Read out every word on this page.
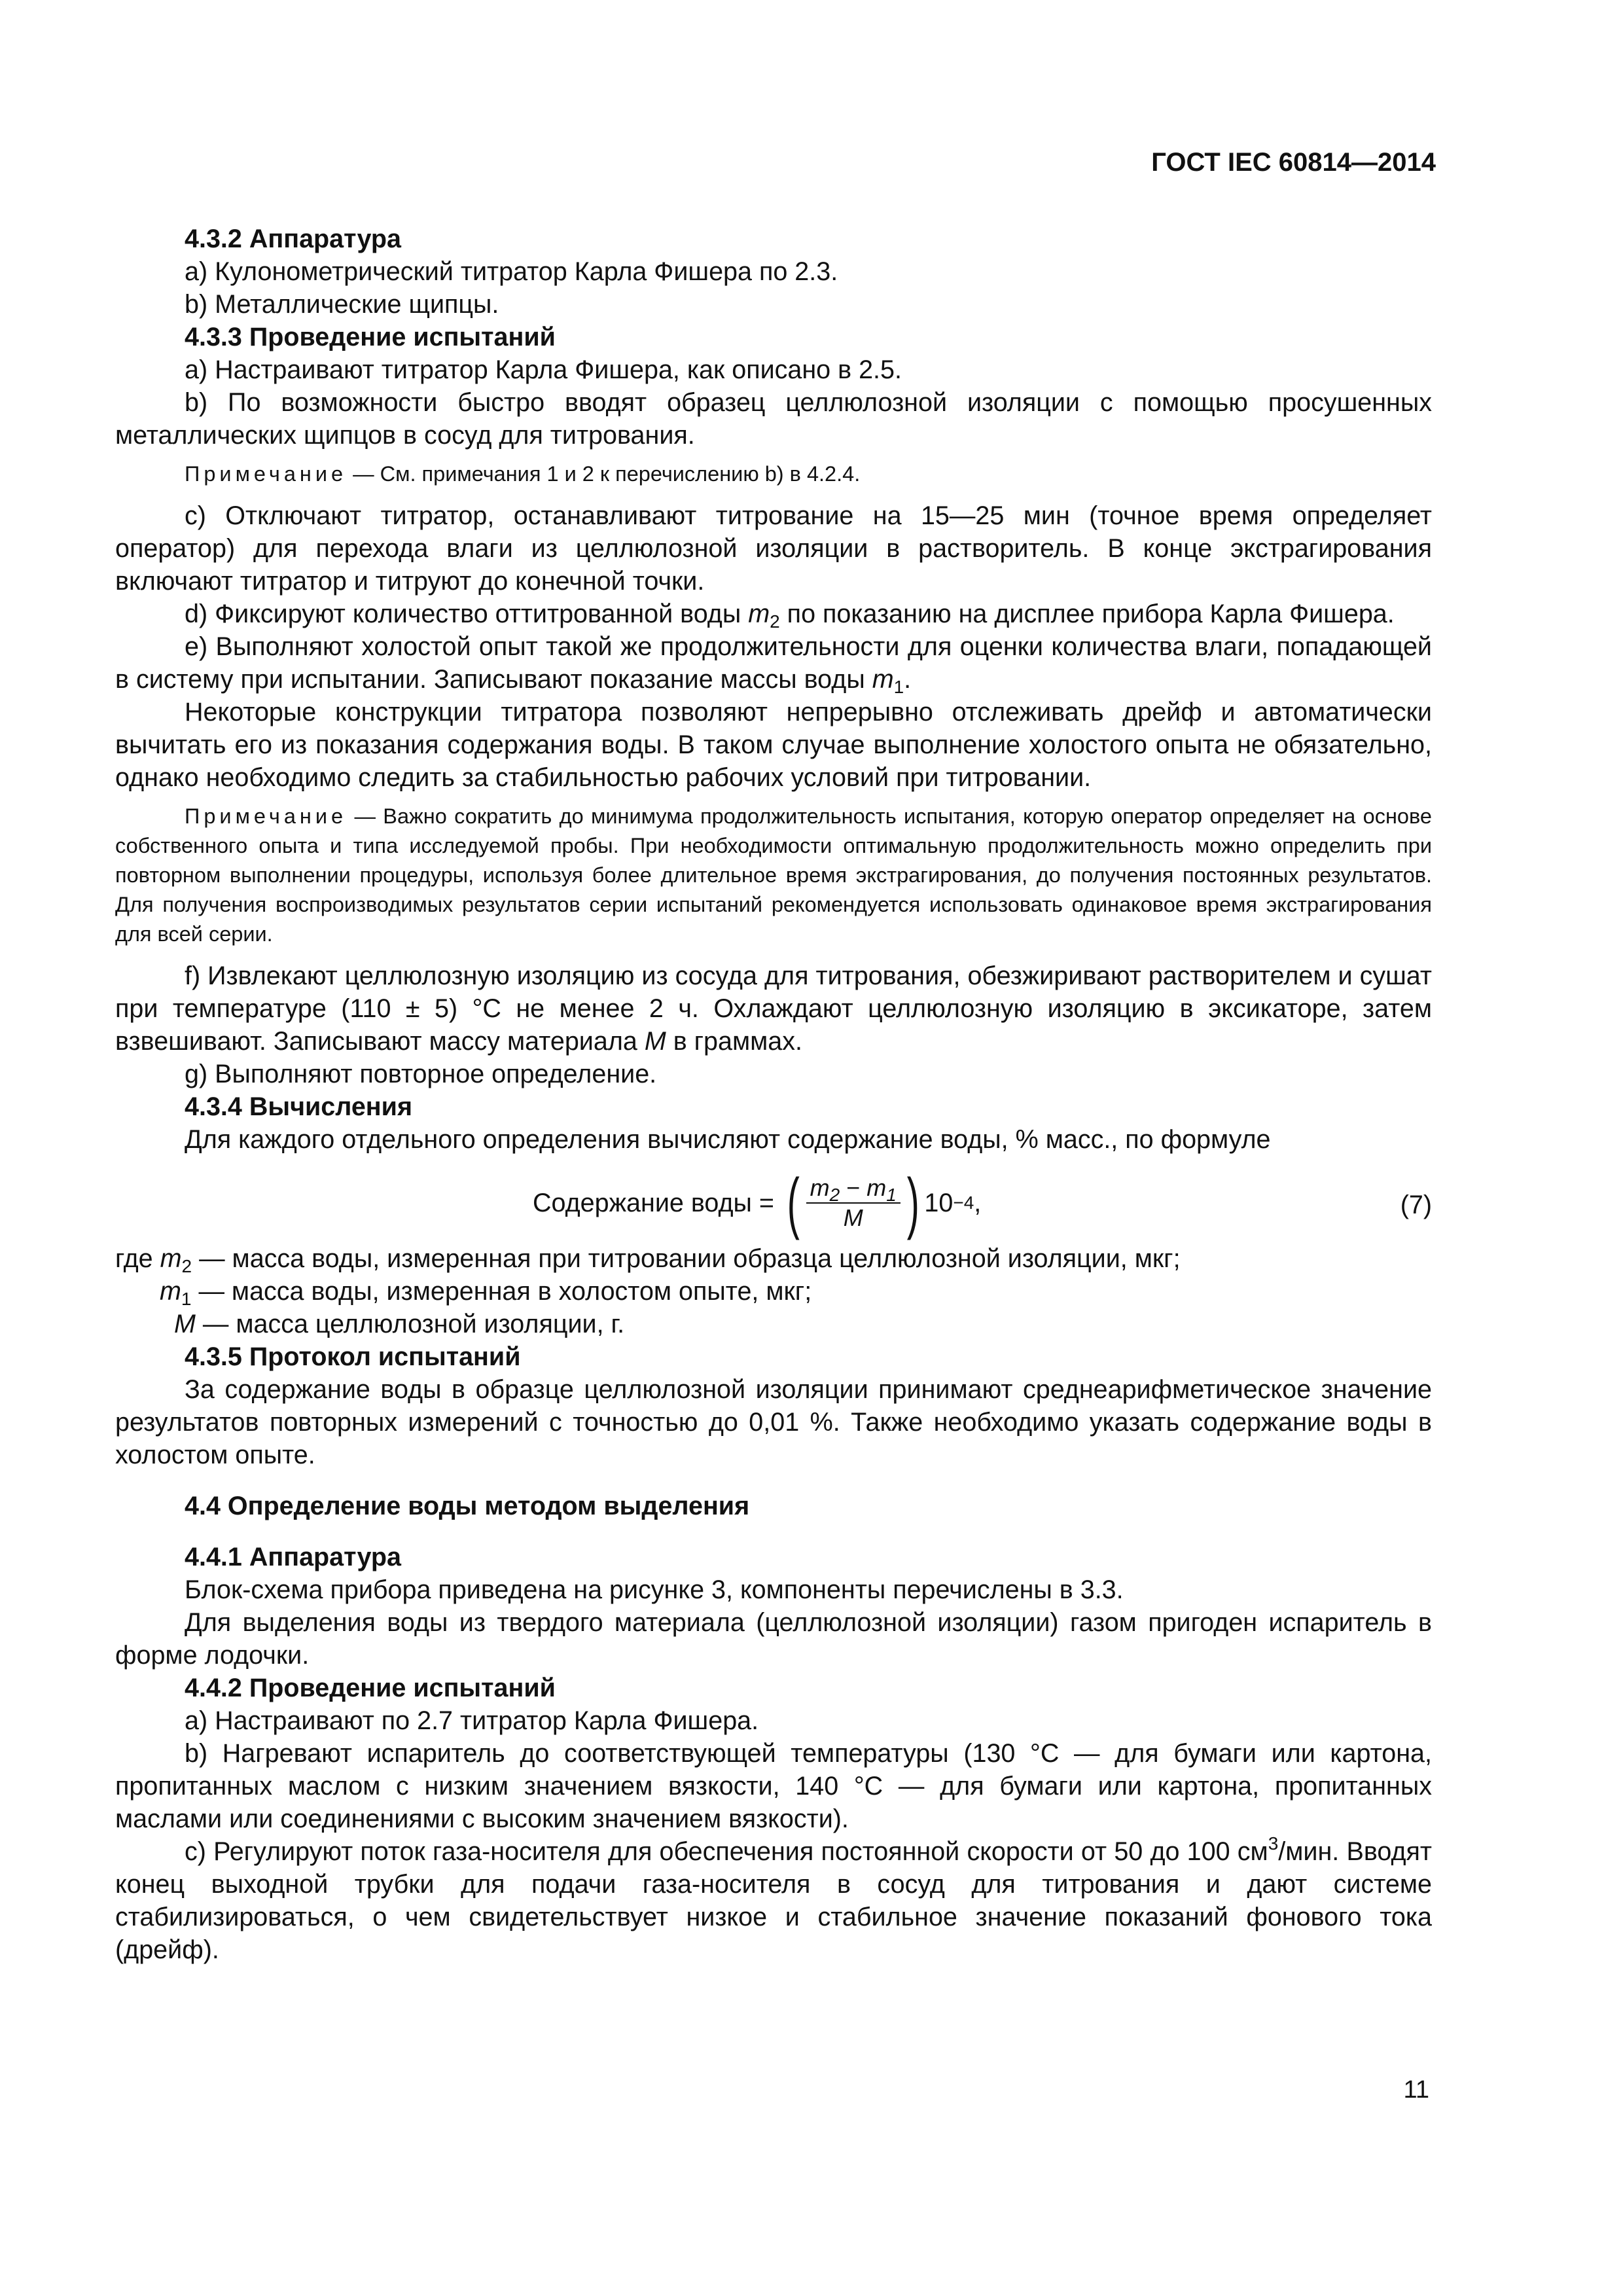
ГОСТ IEC 60814—2014

4.3.2 Аппаратура

a) Кулонометрический титратор Карла Фишера по 2.3.

b) Металлические щипцы.

4.3.3 Проведение испытаний

a) Настраивают титратор Карла Фишера, как описано в 2.5.

b) По возможности быстро вводят образец целлюлозной изоляции с помощью просушенных металлических щипцов в сосуд для титрования.

Примечание — См. примечания 1 и 2 к перечислению b) в 4.2.4.

c) Отключают титратор, останавливают титрование на 15—25 мин (точное время определяет оператор) для перехода влаги из целлюлозной изоляции в растворитель. В конце экстрагирования включают титратор и титруют до конечной точки.

d) Фиксируют количество оттитрованной воды $m_2$ по показанию на дисплее прибора Карла Фишера.

e) Выполняют холостой опыт такой же продолжительности для оценки количества влаги, попадающей в систему при испытании. Записывают показание массы воды $m_1$.

Некоторые конструкции титратора позволяют непрерывно отслеживать дрейф и автоматически вычитать его из показания содержания воды. В таком случае выполнение холостого опыта не обязательно, однако необходимо следить за стабильностью рабочих условий при титровании.

Примечание — Важно сократить до минимума продолжительность испытания, которую оператор определяет на основе собственного опыта и типа исследуемой пробы. При необходимости оптимальную продолжительность можно определить при повторном выполнении процедуры, используя более длительное время экстрагирования, до получения постоянных результатов. Для получения воспроизводимых результатов серии испытаний рекомендуется использовать одинаковое время экстрагирования для всей серии.

f) Извлекают целлюлозную изоляцию из сосуда для титрования, обезжиривают растворителем и сушат при температуре (110 ± 5) °C не менее 2 ч. Охлаждают целлюлозную изоляцию в эксикаторе, затем взвешивают. Записывают массу материала M в граммах.

g) Выполняют повторное определение.

4.3.4 Вычисления

Для каждого отдельного определения вычисляют содержание воды, % масс., по формуле

Содержание воды = ( $\frac{m_2 - m_1}{M}$ ) 10 −4 ,	(7)

где $m_2$ — масса воды, измеренная при титровании образца целлюлозной изоляции, мкг;

$m_1$ — масса воды, измеренная в холостом опыте, мкг;

M — масса целлюлозной изоляции, г.

4.3.5 Протокол испытаний

За содержание воды в образце целлюлозной изоляции принимают среднеарифметическое значение результатов повторных измерений с точностью до 0,01 %. Также необходимо указать содержание воды в холостом опыте.

4.4 Определение воды методом выделения

4.4.1 Аппаратура

Блок-схема прибора приведена на рисунке 3, компоненты перечислены в 3.3.

Для выделения воды из твердого материала (целлюлозной изоляции) газом пригоден испаритель в форме лодочки.

4.4.2 Проведение испытаний

a) Настраивают по 2.7 титратор Карла Фишера.

b) Нагревают испаритель до соответствующей температуры (130 °C — для бумаги или картона, пропитанных маслом с низким значением вязкости, 140 °C — для бумаги или картона, пропитанных маслами или соединениями с высоким значением вязкости).

c) Регулируют поток газа-носителя для обеспечения постоянной скорости от 50 до 100 $см^3$/мин. Вводят конец выходной трубки для подачи газа-носителя в сосуд для титрования и дают системе стабилизироваться, о чем свидетельствует низкое и стабильное значение показаний фонового тока (дрейф).

11
